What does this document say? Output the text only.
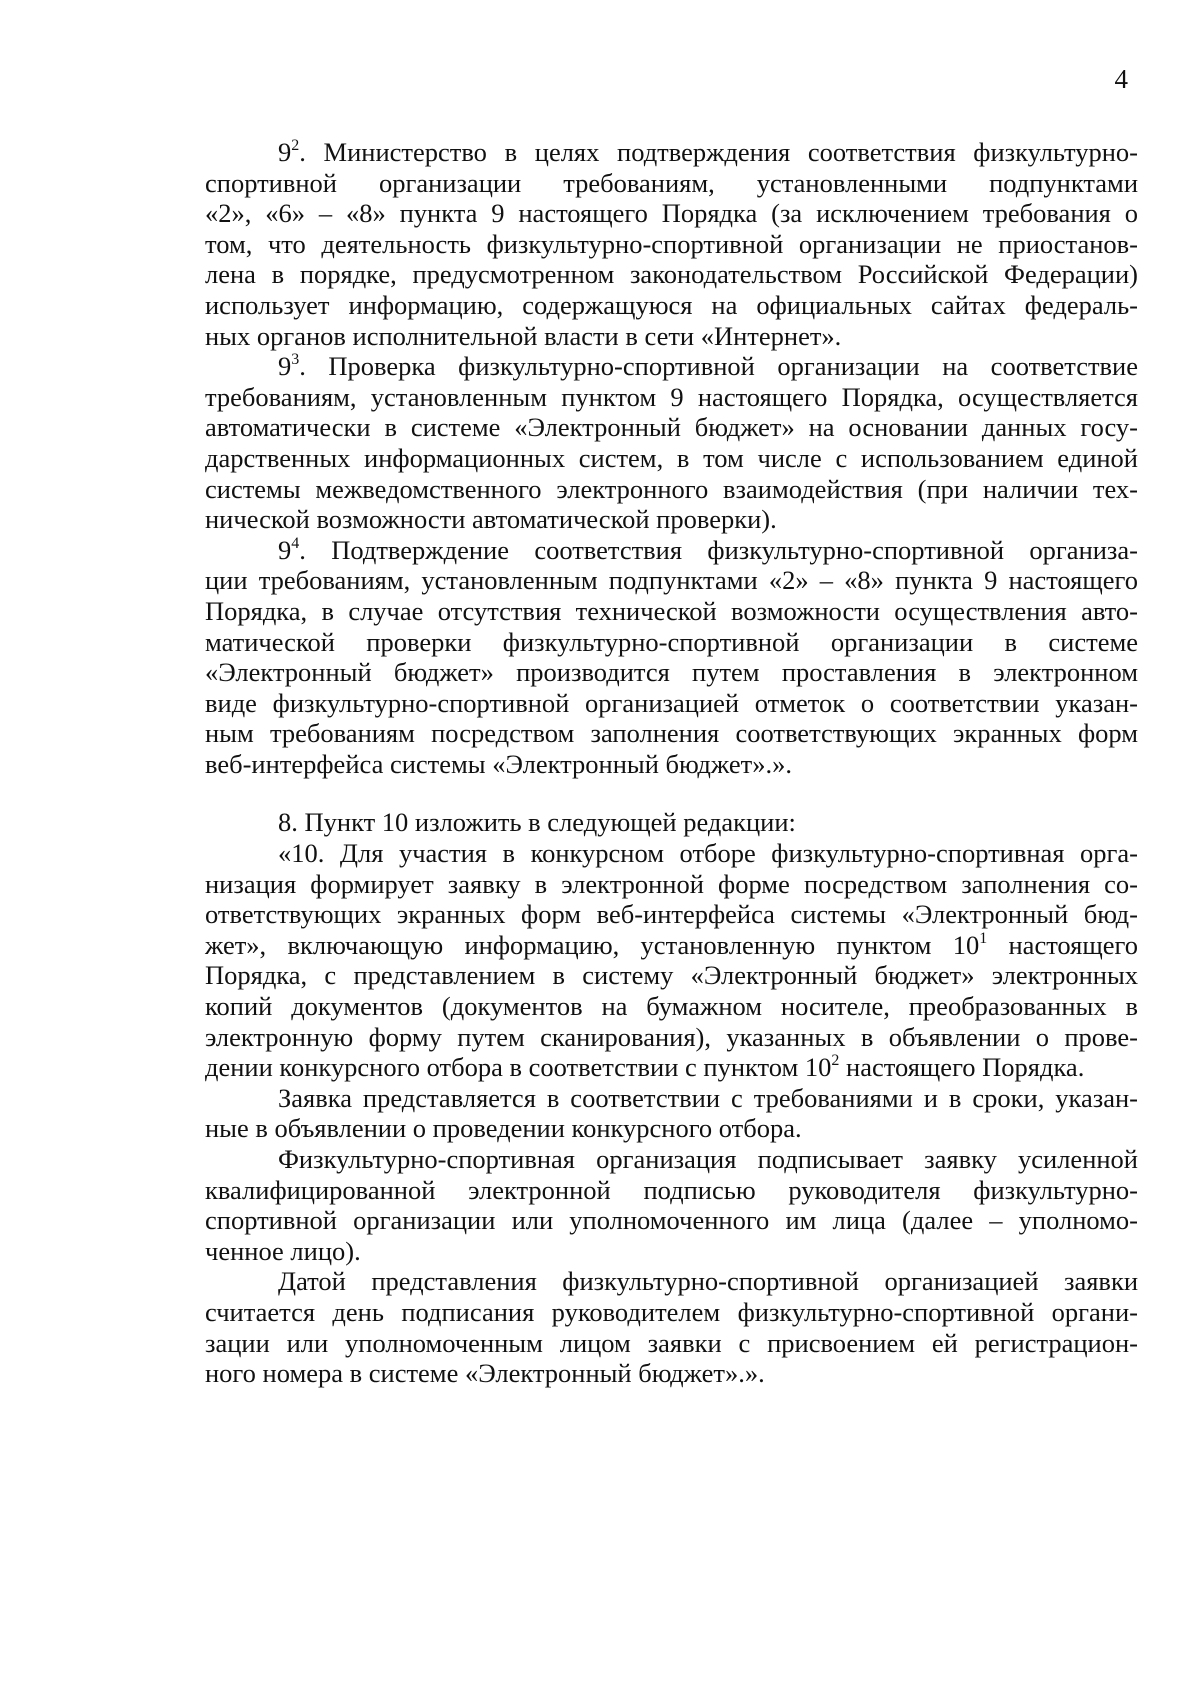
4
$9^2$. Министерство в целях подтверждения соответствия физкультурно-
спортивной организации требованиям, установленными подпунктами
«2», «6» – «8» пункта 9 настоящего Порядка (за исключением требования о
том, что деятельность физкультурно-спортивной организации не приостанов-
лена в порядке, предусмотренном законодательством Российской Федерации)
использует информацию, содержащуюся на официальных сайтах федераль-
ных органов исполнительной власти в сети «Интернет».
$9^3$. Проверка физкультурно-спортивной организации на соответствие
требованиям, установленным пунктом 9 настоящего Порядка, осуществляется
автоматически в системе «Электронный бюджет» на основании данных госу-
дарственных информационных систем, в том числе с использованием единой
системы межведомственного электронного взаимодействия (при наличии тех-
нической возможности автоматической проверки).
$9^4$. Подтверждение соответствия физкультурно-спортивной организа-
ции требованиям, установленным подпунктами «2» – «8» пункта 9 настоящего
Порядка, в случае отсутствия технической возможности осуществления авто-
матической проверки физкультурно-спортивной организации в системе
«Электронный бюджет» производится путем проставления в электронном
виде физкультурно-спортивной организацией отметок о соответствии указан-
ным требованиям посредством заполнения соответствующих экранных форм
веб-интерфейса системы «Электронный бюджет».».
8. Пункт 10 изложить в следующей редакции:
«10. Для участия в конкурсном отборе физкультурно-спортивная орга-
низация формирует заявку в электронной форме посредством заполнения со-
ответствующих экранных форм веб-интерфейса системы «Электронный бюд-
жет», включающую информацию, установленную пунктом $10^1$ настоящего
Порядка, с представлением в систему «Электронный бюджет» электронных
копий документов (документов на бумажном носителе, преобразованных в
электронную форму путем сканирования), указанных в объявлении о прове-
дении конкурсного отбора в соответствии с пунктом $10^2$ настоящего Порядка.
Заявка представляется в соответствии с требованиями и в сроки, указан-
ные в объявлении о проведении конкурсного отбора.
Физкультурно-спортивная организация подписывает заявку усиленной
квалифицированной электронной подписью руководителя физкультурно-
спортивной организации или уполномоченного им лица (далее – уполномо-
ченное лицо).
Датой представления физкультурно-спортивной организацией заявки
считается день подписания руководителем физкультурно-спортивной органи-
зации или уполномоченным лицом заявки с присвоением ей регистрацион-
ного номера в системе «Электронный бюджет».».
